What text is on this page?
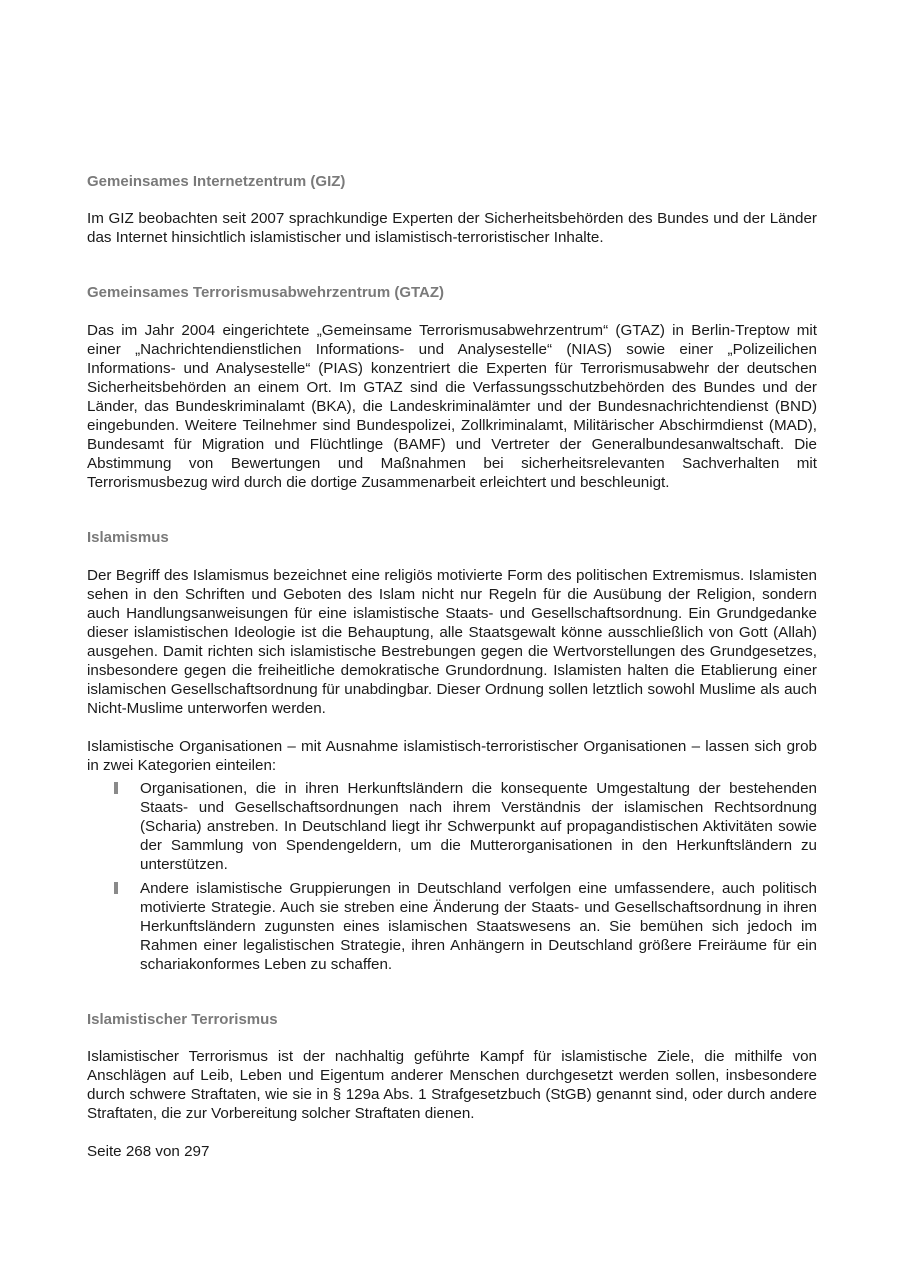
Gemeinsames Internetzentrum (GIZ)

Im GIZ beobachten seit 2007 sprachkundige Experten der Sicherheitsbehörden des Bundes und der Länder das Internet hinsichtlich islamistischer und islamistisch-terroristischer Inhalte.

Gemeinsames Terrorismusabwehrzentrum (GTAZ)

Das im Jahr 2004 eingerichtete „Gemeinsame Terrorismusabwehrzentrum“ (GTAZ) in Berlin-Treptow mit einer „Nachrichtendienstlichen Informations- und Analysestelle“ (NIAS) sowie einer „Polizeilichen Informations- und Analysestelle“ (PIAS) konzentriert die Experten für Terrorismusabwehr der deutschen Sicherheitsbehörden an einem Ort. Im GTAZ sind die Verfassungsschutzbehörden des Bundes und der Länder, das Bundeskriminalamt (BKA), die Landeskriminalämter und der Bundesnachrichtendienst (BND) eingebunden. Weitere Teilnehmer sind Bundespolizei, Zollkriminalamt, Militärischer Abschirmdienst (MAD), Bundesamt für Migration und Flüchtlinge (BAMF) und Vertreter der Generalbundesanwaltschaft. Die Abstimmung von Bewertungen und Maßnahmen bei sicherheitsrelevanten Sachverhalten mit Terrorismusbezug wird durch die dortige Zusammenarbeit erleichtert und beschleunigt.

Islamismus

Der Begriff des Islamismus bezeichnet eine religiös motivierte Form des politischen Extremismus. Islamisten sehen in den Schriften und Geboten des Islam nicht nur Regeln für die Ausübung der Religion, sondern auch Handlungsanweisungen für eine islamistische Staats- und Gesellschaftsordnung. Ein Grundgedanke dieser islamistischen Ideologie ist die Behauptung, alle Staatsgewalt könne ausschließlich von Gott (Allah) ausgehen. Damit richten sich islamistische Bestrebungen gegen die Wertvorstellungen des Grundgesetzes, insbesondere gegen die freiheitliche demokratische Grundordnung. Islamisten halten die Etablierung einer islamischen Gesellschaftsordnung für unabdingbar. Dieser Ordnung sollen letztlich sowohl Muslime als auch Nicht-Muslime unterworfen werden.

Islamistische Organisationen – mit Ausnahme islamistisch-terroristischer Organisationen – lassen sich grob in zwei Kategorien einteilen:

Organisationen, die in ihren Herkunftsländern die konsequente Umgestaltung der bestehenden Staats- und Gesellschaftsordnungen nach ihrem Verständnis der islamischen Rechtsordnung (Scharia) anstreben. In Deutschland liegt ihr Schwerpunkt auf propagandistischen Aktivitäten sowie der Sammlung von Spendengeldern, um die Mutterorganisationen in den Herkunftsländern zu unterstützen.
Andere islamistische Gruppierungen in Deutschland verfolgen eine umfassendere, auch politisch motivierte Strategie. Auch sie streben eine Änderung der Staats- und Gesellschaftsordnung in ihren Herkunftsländern zugunsten eines islamischen Staatswesens an. Sie bemühen sich jedoch im Rahmen einer legalistischen Strategie, ihren Anhängern in Deutschland größere Freiräume für ein schariakonformes Leben zu schaffen.
Islamistischer Terrorismus

Islamistischer Terrorismus ist der nachhaltig geführte Kampf für islamistische Ziele, die mithilfe von Anschlägen auf Leib, Leben und Eigentum anderer Menschen durchgesetzt werden sollen, insbesondere durch schwere Straftaten, wie sie in § 129a Abs. 1 Strafgesetzbuch (StGB) genannt sind, oder durch andere Straftaten, die zur Vorbereitung solcher Straftaten dienen.

Seite 268 von 297
